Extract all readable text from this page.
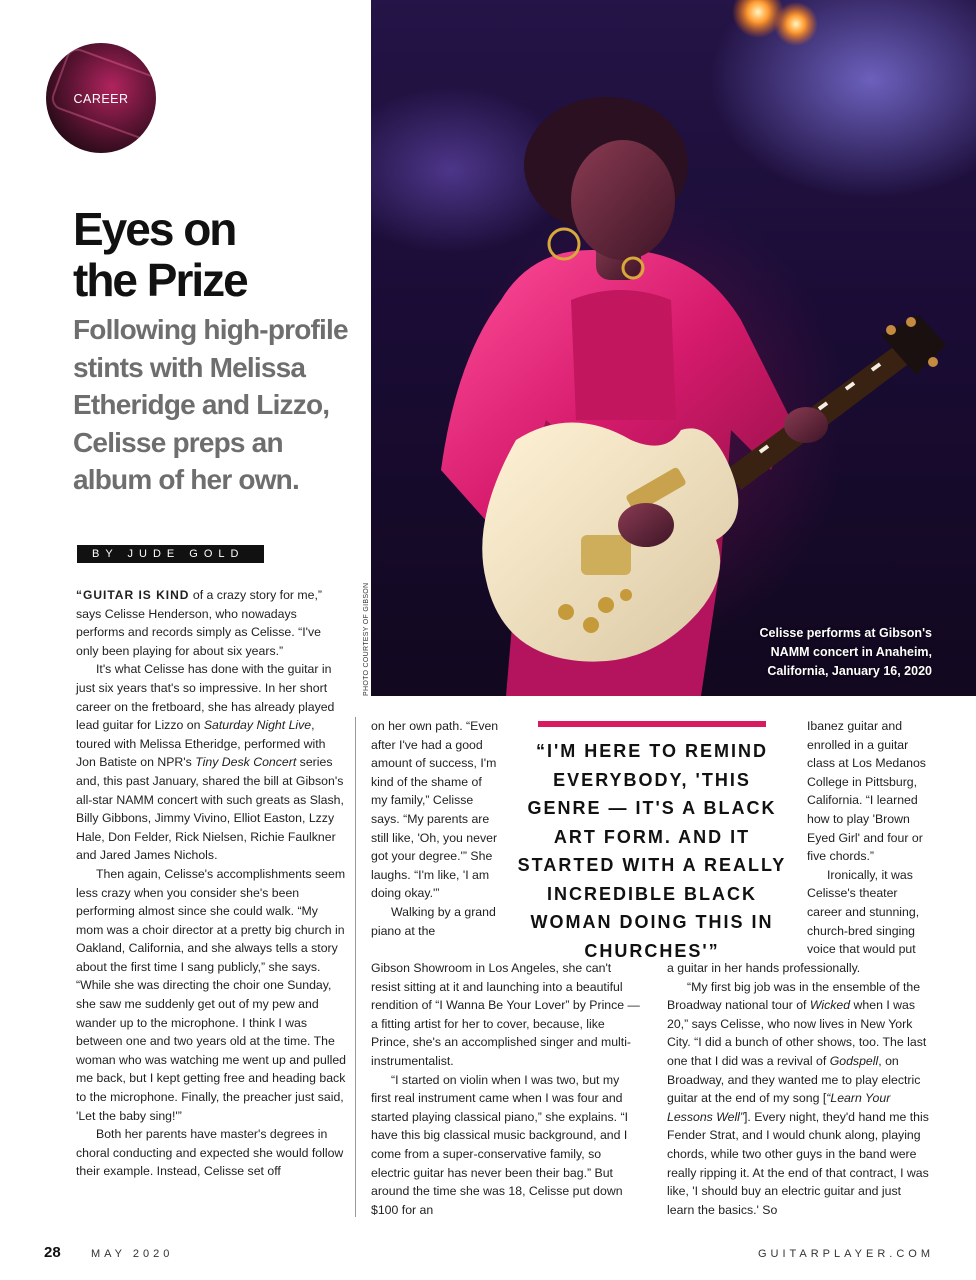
Celisse performs at Gibson's NAMM concert in Anaheim, California, January 16, 2020
PHOTO COURTESY OF GIBSON
CAREER
Eyes on
the Prize
Following high-profile stints with Melissa Etheridge and Lizzo, Celisse preps an album of her own.
BY JUDE GOLD

“GUITAR IS KIND of a crazy story for me,” says Celisse Henderson, who nowadays performs and records simply as Celisse. “I've only been playing for about six years.”

It's what Celisse has done with the guitar in just six years that's so impressive. In her short career on the fretboard, she has already played lead guitar for Lizzo on Saturday Night Live, toured with Melissa Etheridge, performed with Jon Batiste on NPR's Tiny Desk Concert series and, this past January, shared the bill at Gibson's all-star NAMM concert with such greats as Slash, Billy Gibbons, Jimmy Vivino, Elliot Easton, Lzzy Hale, Don Felder, Rick Nielsen, Richie Faulkner and Jared James Nichols.

Then again, Celisse's accomplishments seem less crazy when you consider she's been performing almost since she could walk. “My mom was a choir director at a pretty big church in Oakland, California, and she always tells a story about the first time I sang publicly,” she says. “While she was directing the choir one Sunday, she saw me suddenly get out of my pew and wander up to the microphone. I think I was between one and two years old at the time. The woman who was watching me went up and pulled me back, but I kept getting free and heading back to the microphone. Finally, the preacher just said, 'Let the baby sing!'”

Both her parents have master's degrees in choral conducting and expected she would follow their example. Instead, Celisse set off

on her own path. “Even after I've had a good amount of success, I'm kind of the shame of my family,” Celisse says. “My parents are still like, 'Oh, you never got your degree.'” She laughs. “I'm like, 'I am doing okay.'”

Walking by a grand piano at the

Gibson Showroom in Los Angeles, she can't resist sitting at it and launching into a beautiful rendition of “I Wanna Be Your Lover” by Prince — a fitting artist for her to cover, because, like Prince, she's an accomplished singer and multi-instrumentalist.

“I started on violin when I was two, but my first real instrument came when I was four and started playing classical piano,” she explains. “I have this big classical music background, and I come from a super-conservative family, so electric guitar has never been their bag.” But around the time she was 18, Celisse put down $100 for an

“I'M HERE TO REMIND EVERYBODY, 'THIS GENRE — IT'S A BLACK ART FORM. AND IT STARTED WITH A REALLY INCREDIBLE BLACK WOMAN DOING THIS IN CHURCHES'”

Ibanez guitar and enrolled in a guitar class at Los Medanos College in Pittsburg, California. “I learned how to play 'Brown Eyed Girl' and four or five chords.”

Ironically, it was Celisse's theater career and stunning, church-bred singing voice that would put

a guitar in her hands professionally.

“My first big job was in the ensemble of the Broadway national tour of Wicked when I was 20,” says Celisse, who now lives in New York City. “I did a bunch of other shows, too. The last one that I did was a revival of Godspell, on Broadway, and they wanted me to play electric guitar at the end of my song [“Learn Your Lessons Well”]. Every night, they'd hand me this Fender Strat, and I would chunk along, playing chords, while two other guys in the band were really ripping it. At the end of that contract, I was like, 'I should buy an electric guitar and just learn the basics.' So

28	MAY 2020	GUITARPLAYER.COM
